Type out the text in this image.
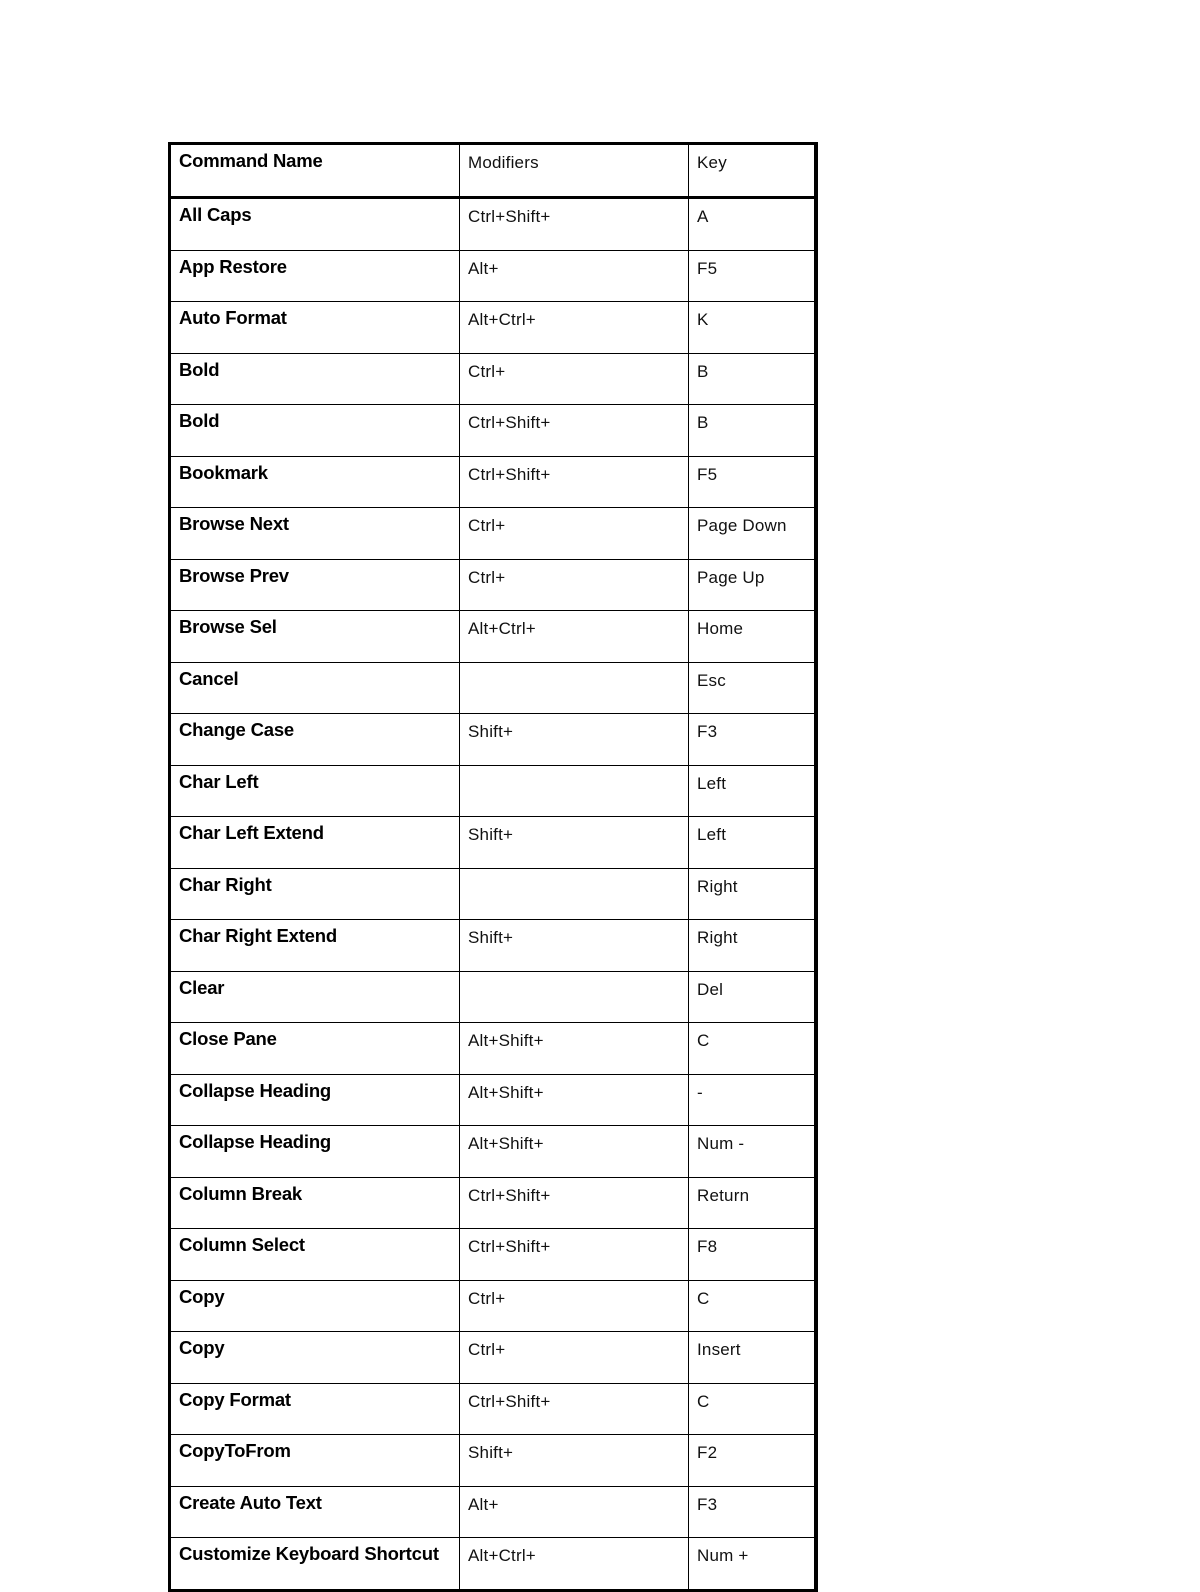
Command Name	Modifiers	Key
All Caps	Ctrl+Shift+	A
App Restore	Alt+	F5
Auto Format	Alt+Ctrl+	K
Bold	Ctrl+	B
Bold	Ctrl+Shift+	B
Bookmark	Ctrl+Shift+	F5
Browse Next	Ctrl+	Page Down
Browse Prev	Ctrl+	Page Up
Browse Sel	Alt+Ctrl+	Home
Cancel		Esc
Change Case	Shift+	F3
Char Left		Left
Char Left Extend	Shift+	Left
Char Right		Right
Char Right Extend	Shift+	Right
Clear		Del
Close Pane	Alt+Shift+	C
Collapse Heading	Alt+Shift+	-
Collapse Heading	Alt+Shift+	Num -
Column Break	Ctrl+Shift+	Return
Column Select	Ctrl+Shift+	F8
Copy	Ctrl+	C
Copy	Ctrl+	Insert
Copy Format	Ctrl+Shift+	C
CopyToFrom	Shift+	F2
Create Auto Text	Alt+	F3
Customize Keyboard Shortcut	Alt+Ctrl+	Num +
